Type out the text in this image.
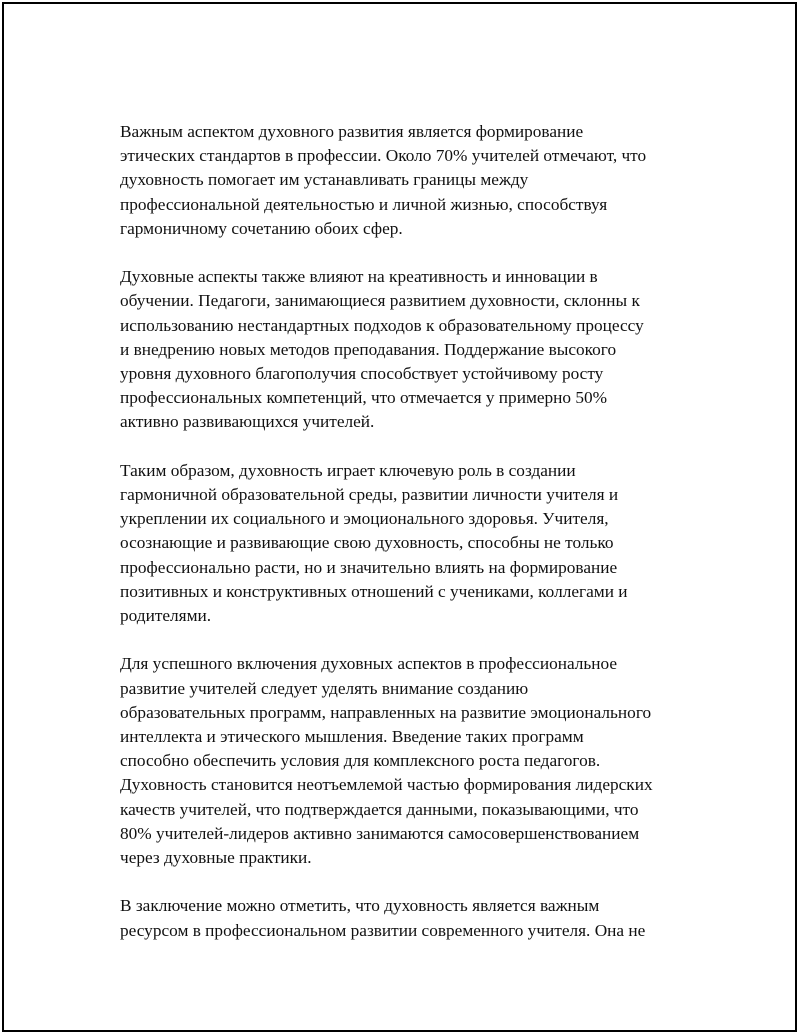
Важным аспектом духовного развития является формирование
этических стандартов в профессии. Около 70% учителей отмечают, что
духовность помогает им устанавливать границы между
профессиональной деятельностью и личной жизнью, способствуя
гармоничному сочетанию обоих сфер.

Духовные аспекты также влияют на креативность и инновации в
обучении. Педагоги, занимающиеся развитием духовности, склонны к
использованию нестандартных подходов к образовательному процессу
и внедрению новых методов преподавания. Поддержание высокого
уровня духовного благополучия способствует устойчивому росту
профессиональных компетенций, что отмечается у примерно 50%
активно развивающихся учителей.

Таким образом, духовность играет ключевую роль в создании
гармоничной образовательной среды, развитии личности учителя и
укреплении их социального и эмоционального здоровья. Учителя,
осознающие и развивающие свою духовность, способны не только
профессионально расти, но и значительно влиять на формирование
позитивных и конструктивных отношений с учениками, коллегами и
родителями.

Для успешного включения духовных аспектов в профессиональное
развитие учителей следует уделять внимание созданию
образовательных программ, направленных на развитие эмоционального
интеллекта и этического мышления. Введение таких программ
способно обеспечить условия для комплексного роста педагогов.
Духовность становится неотъемлемой частью формирования лидерских
качеств учителей, что подтверждается данными, показывающими, что
80% учителей-лидеров активно занимаются самосовершенствованием
через духовные практики.

В заключение можно отметить, что духовность является важным
ресурсом в профессиональном развитии современного учителя. Она не
